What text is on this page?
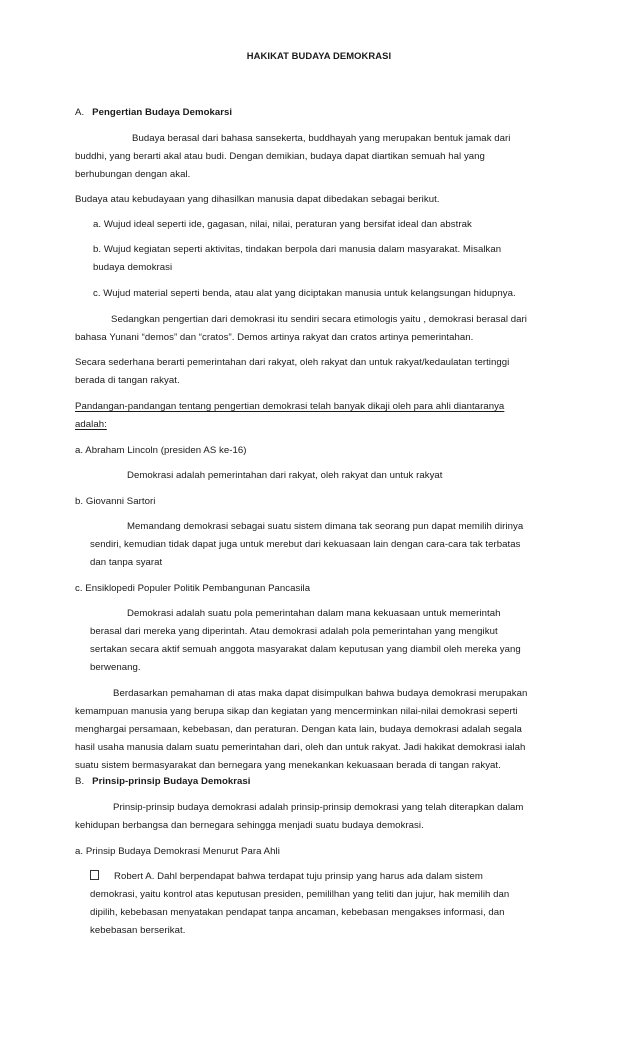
HAKIKAT BUDAYA DEMOKRASI
A. Pengertian Budaya Demokarsi
Budaya berasal dari bahasa sansekerta, buddhayah yang merupakan bentuk jamak dari
buddhi, yang berarti akal atau budi. Dengan demikian, budaya dapat diartikan semuah hal yang
berhubungan dengan akal.
Budaya atau kebudayaan yang dihasilkan manusia dapat dibedakan sebagai berikut.
a. Wujud ideal seperti ide, gagasan, nilai, nilai, peraturan yang bersifat ideal dan abstrak
b. Wujud kegiatan seperti aktivitas, tindakan berpola dari manusia dalam masyarakat. Misalkan
budaya demokrasi
c. Wujud material seperti benda, atau alat yang diciptakan manusia untuk kelangsungan hidupnya.
Sedangkan pengertian dari demokrasi itu sendiri secara etimologis yaitu , demokrasi berasal dari
bahasa Yunani “demos” dan “cratos”. Demos artinya rakyat dan cratos artinya pemerintahan.
Secara sederhana berarti pemerintahan dari rakyat, oleh rakyat dan untuk rakyat/kedaulatan tertinggi
berada di tangan rakyat.
Pandangan-pandangan tentang pengertian demokrasi telah banyak dikaji oleh para ahli diantaranya
adalah:
a. Abraham Lincoln (presiden AS ke-16)
Demokrasi adalah pemerintahan dari rakyat, oleh rakyat dan untuk rakyat
b. Giovanni Sartori
Memandang demokrasi sebagai suatu sistem dimana tak seorang pun dapat memilih dirinya
sendiri, kemudian tidak dapat juga untuk merebut dari kekuasaan lain dengan cara-cara tak terbatas
dan tanpa syarat
c. Ensiklopedi Populer Politik Pembangunan Pancasila
Demokrasi adalah suatu pola pemerintahan dalam mana kekuasaan untuk memerintah
berasal dari mereka yang diperintah. Atau demokrasi adalah pola pemerintahan yang mengikut
sertakan secara aktif semuah anggota masyarakat dalam keputusan yang diambil oleh mereka yang
berwenang.
Berdasarkan pemahaman di atas maka dapat disimpulkan bahwa budaya demokrasi merupakan
kemampuan manusia yang berupa sikap dan kegiatan yang mencerminkan nilai-nilai demokrasi seperti
menghargai persamaan, kebebasan, dan peraturan. Dengan kata lain, budaya demokrasi adalah segala
hasil usaha manusia dalam suatu pemerintahan dari, oleh dan untuk rakyat. Jadi hakikat demokrasi ialah
suatu sistem bermasyarakat dan bernegara yang menekankan kekuasaan berada di tangan rakyat.
B. Prinsip-prinsip Budaya Demokrasi
Prinsip-prinsip budaya demokrasi adalah prinsip-prinsip demokrasi yang telah diterapkan dalam
kehidupan berbangsa dan bernegara sehingga menjadi suatu budaya demokrasi.
a. Prinsip Budaya Demokrasi Menurut Para Ahli
Robert A. Dahl berpendapat bahwa terdapat tuju prinsip yang harus ada dalam sistem
demokrasi, yaitu kontrol atas keputusan presiden, pemililhan yang teliti dan jujur, hak memilih dan
dipilih, kebebasan menyatakan pendapat tanpa ancaman, kebebasan mengakses informasi, dan
kebebasan berserikat.
